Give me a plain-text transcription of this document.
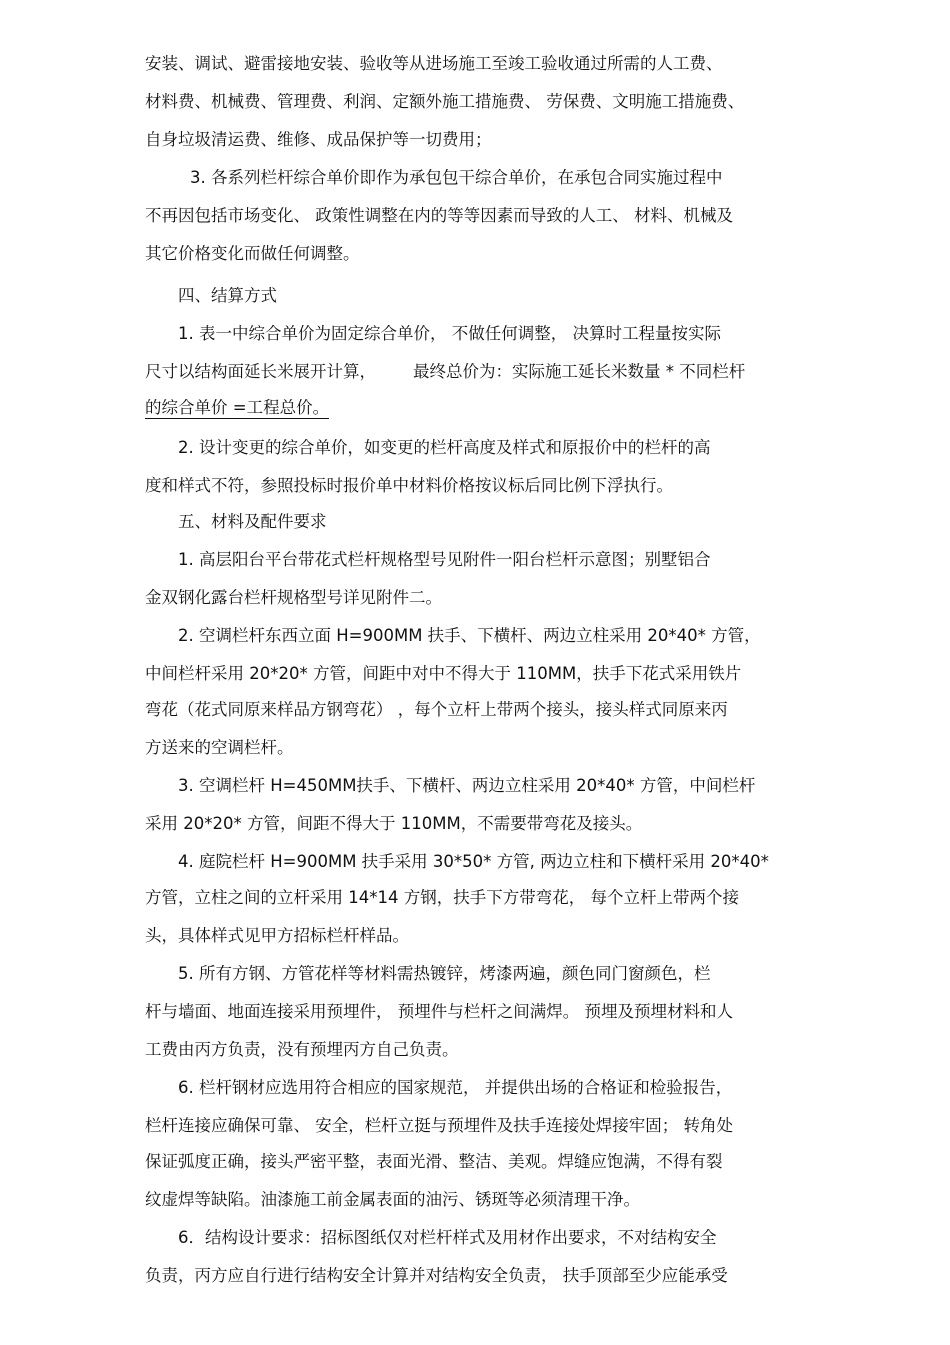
安装、调试、避雷接地安装、验收等从进场施工至竣工验收通过所需的人工费、
材料费、机械费、管理费、利润、定额外施工措施费、 劳保费、文明施工措施费、
自身垃圾清运费、维修、成品保护等一切费用；
3. 各系列栏杆综合单价即作为承包包干综合单价，在承包合同实施过程中
不再因包括市场变化、 政策性调整在内的等等因素而导致的人工、 材料、机械及
其它价格变化而做任何调整。
四、结算方式
1. 表一中综合单价为固定综合单价， 不做任何调整， 决算时工程量按实际
尺寸以结构面延长米展开计算， 最终总价为：实际施工延长米数量 * 不同栏杆
的综合单价 =工程总价。
2. 设计变更的综合单价，如变更的栏杆高度及样式和原报价中的栏杆的高
度和样式不符，参照投标时报价单中材料价格按议标后同比例下浮执行。
五、材料及配件要求
1. 高层阳台平台带花式栏杆规格型号见附件一阳台栏杆示意图；别墅铝合
金双钢化露台栏杆规格型号详见附件二。
2. 空调栏杆东西立面 H=900MM 扶手、下横杆、两边立柱采用 20*40* 方管，
中间栏杆采用 20*20* 方管，间距中对中不得大于 110MM，扶手下花式采用铁片
弯花（花式同原来样品方钢弯花） ，每个立杆上带两个接头，接头样式同原来丙
方送来的空调栏杆。
3. 空调栏杆 H=450MM扶手、下横杆、两边立柱采用 20*40* 方管，中间栏杆
采用 20*20* 方管，间距不得大于 110MM，不需要带弯花及接头。
4. 庭院栏杆 H=900MM 扶手采用 30*50* 方管, 两边立柱和下横杆采用 20*40*
方管，立柱之间的立杆采用 14*14 方钢，扶手下方带弯花， 每个立杆上带两个接
头，具体样式见甲方招标栏杆样品。
5. 所有方钢、方管花样等材料需热镀锌，烤漆两遍，颜色同门窗颜色，栏
杆与墙面、地面连接采用预埋件， 预埋件与栏杆之间满焊。 预埋及预埋材料和人
工费由丙方负责，没有预埋丙方自己负责。
6. 栏杆钢材应选用符合相应的国家规范， 并提供出场的合格证和检验报告，
栏杆连接应确保可靠、 安全，栏杆立挺与预埋件及扶手连接处焊接牢固； 转角处
保证弧度正确，接头严密平整，表面光滑、整洁、美观。焊缝应饱满，不得有裂
纹虚焊等缺陷。油漆施工前金属表面的油污、锈斑等必须清理干净。
6．结构设计要求：招标图纸仅对栏杆样式及用材作出要求，不对结构安全
负责，丙方应自行进行结构安全计算并对结构安全负责， 扶手顶部至少应能承受
